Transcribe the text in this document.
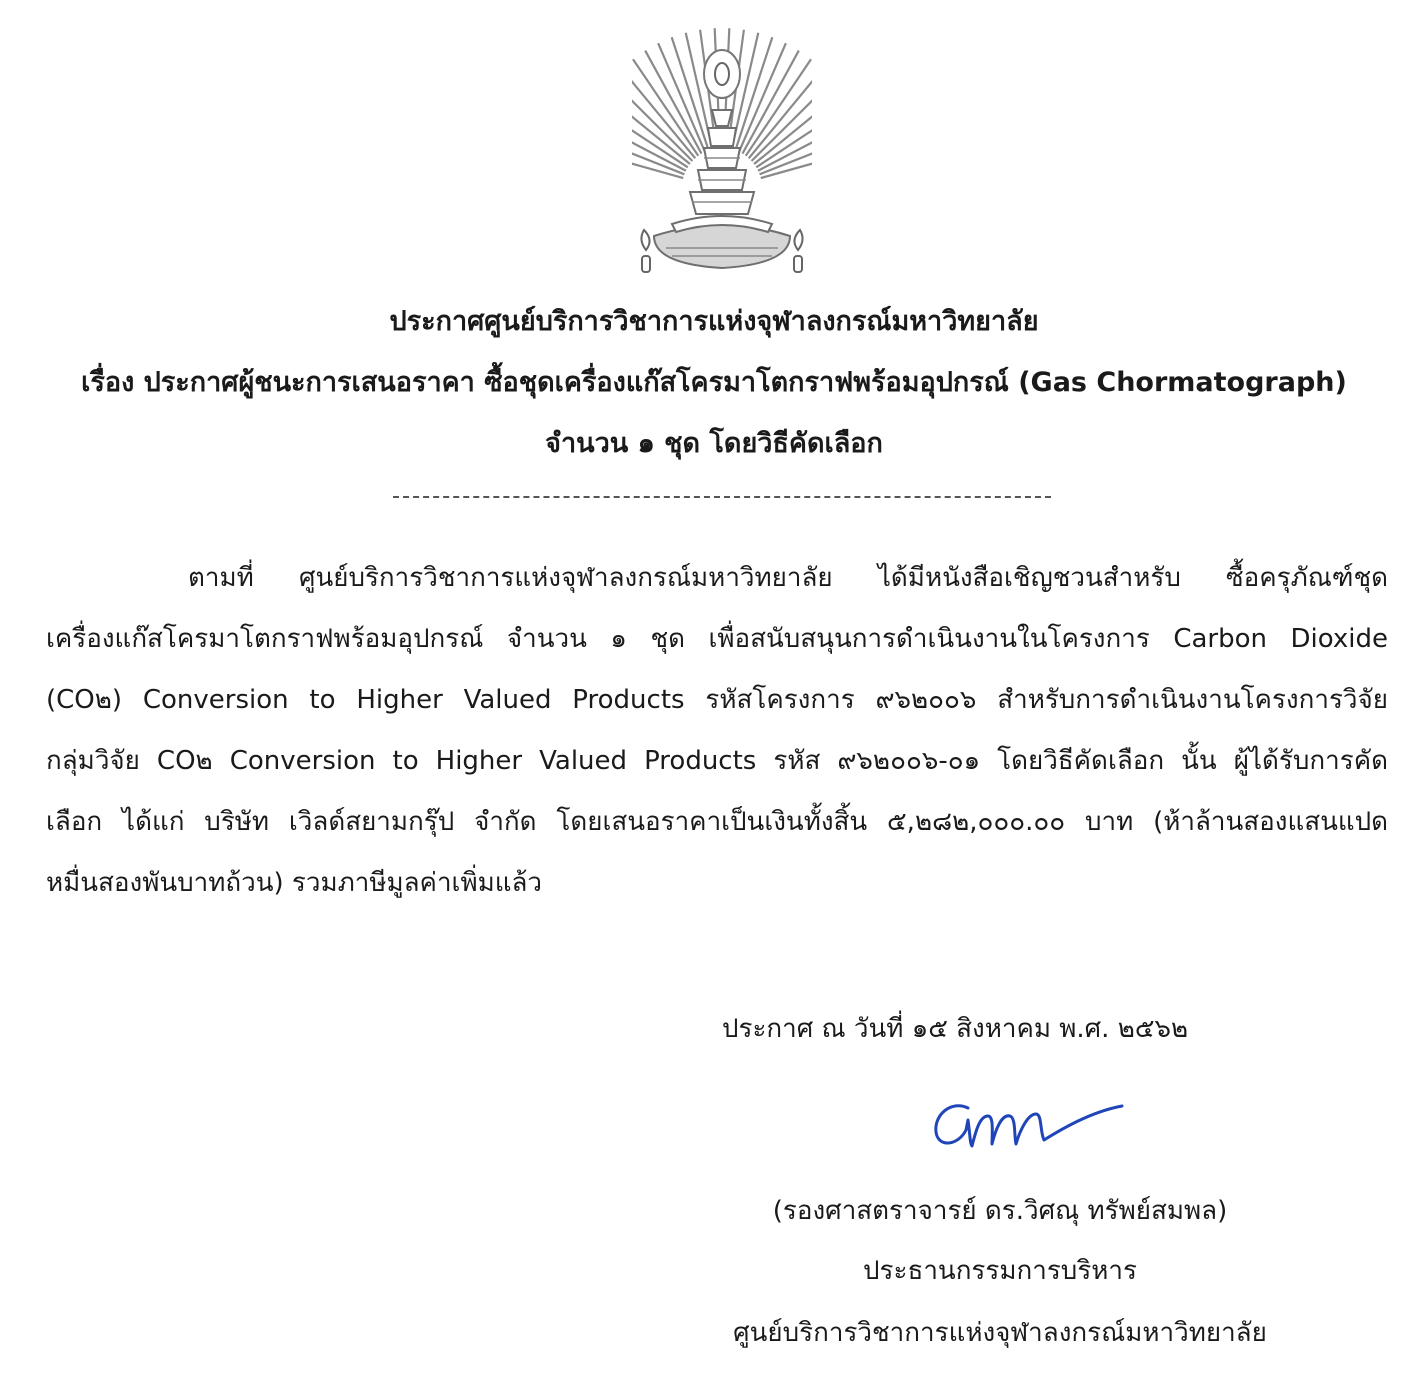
ประกาศศูนย์บริการวิชาการแห่งจุฬาลงกรณ์มหาวิทยาลัย
เรื่อง ประกาศผู้ชนะการเสนอราคา ซื้อชุดเครื่องแก๊สโครมาโตกราฟพร้อมอุปกรณ์ (Gas Chormatograph)
จำนวน ๑ ชุด โดยวิธีคัดเลือก
ตามที่ ศูนย์บริการวิชาการแห่งจุฬาลงกรณ์มหาวิทยาลัย ได้มีหนังสือเชิญชวนสำหรับ ซื้อครุภัณฑ์ชุด
เครื่องแก๊สโครมาโตกราฟพร้อมอุปกรณ์ จำนวน ๑ ชุด เพื่อสนับสนุนการดำเนินงานในโครงการ Carbon Dioxide
(CO๒) Conversion to Higher Valued Products รหัสโครงการ ๙๖๒๐๐๖ สำหรับการดำเนินงานโครงการวิจัย
กลุ่มวิจัย CO๒ Conversion to Higher Valued Products รหัส ๙๖๒๐๐๖-๐๑ โดยวิธีคัดเลือก นั้น ผู้ได้รับการคัด
เลือก ได้แก่ บริษัท เวิลด์สยามกรุ๊ป จำกัด โดยเสนอราคาเป็นเงินทั้งสิ้น ๕,๒๘๒,๐๐๐.๐๐ บาท (ห้าล้านสองแสนแปด
หมื่นสองพันบาทถ้วน) รวมภาษีมูลค่าเพิ่มแล้ว
ประกาศ ณ วันที่ ๑๕ สิงหาคม พ.ศ. ๒๕๖๒
(รองศาสตราจารย์ ดร.วิศณุ ทรัพย์สมพล)
ประธานกรรมการบริหาร
ศูนย์บริการวิชาการแห่งจุฬาลงกรณ์มหาวิทยาลัย
